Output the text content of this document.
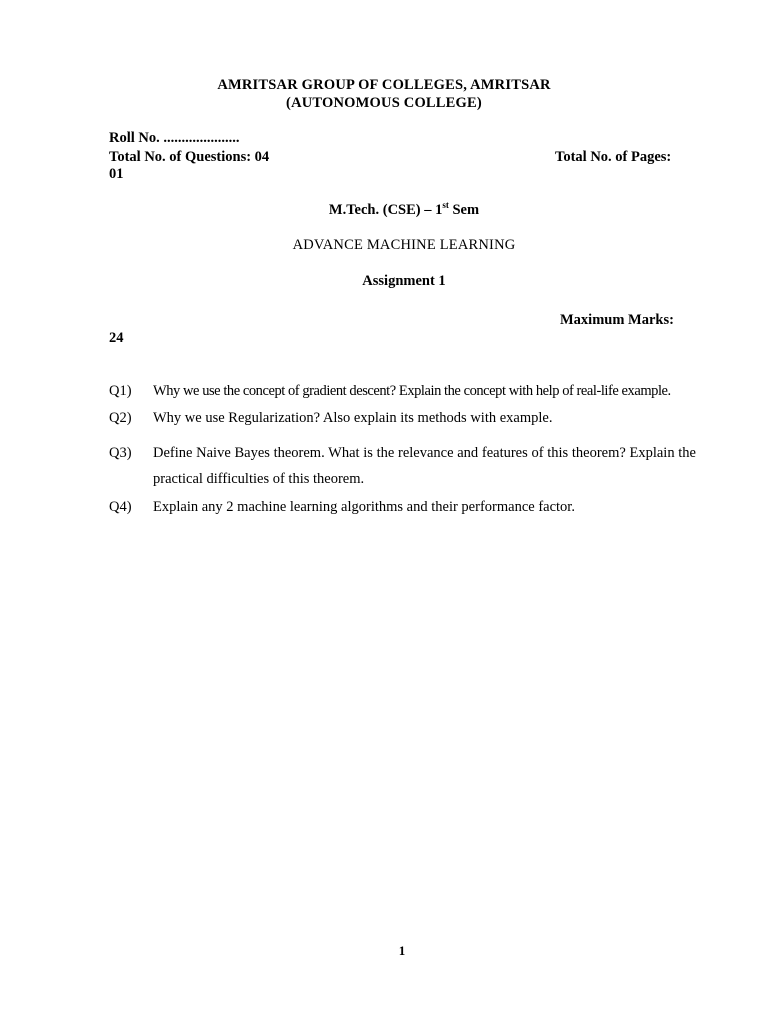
AMRITSAR GROUP OF COLLEGES, AMRITSAR
(AUTONOMOUS COLLEGE)
Roll No. .....................
Total No. of Questions: 04	Total No. of Pages:
01
M.Tech. (CSE) – 1st Sem
ADVANCE MACHINE LEARNING
Assignment 1
Maximum Marks:
24
Q1) Why we use the concept of gradient descent? Explain the concept with help of real-life example.
Q2) Why we use Regularization? Also explain its methods with example.
Q3) Define Naive Bayes theorem. What is the relevance and features of this theorem? Explain the practical difficulties of this theorem.
Q4) Explain any 2 machine learning algorithms and their performance factor.
1
